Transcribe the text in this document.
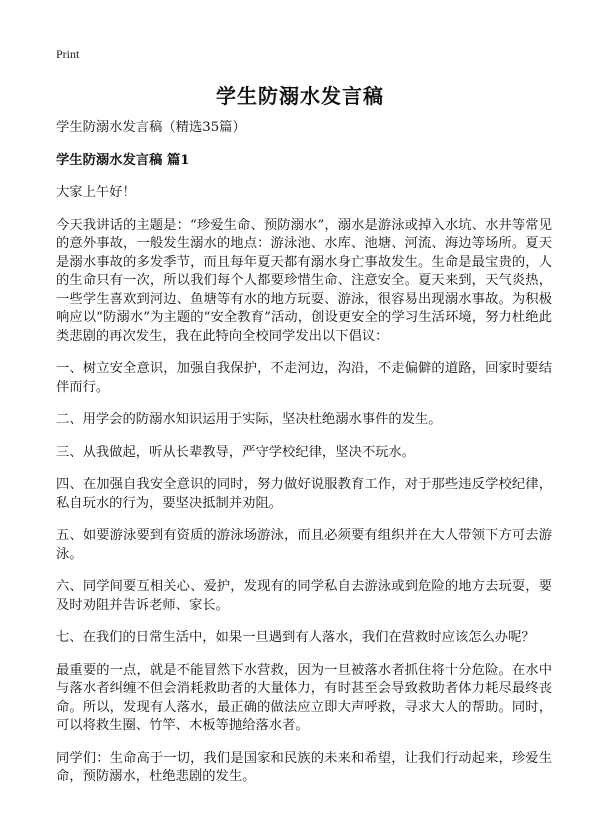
Print
学生防溺水发言稿

学生防溺水发言稿（精选35篇）

学生防溺水发言稿 篇1

大家上午好！

今天我讲话的主题是：“珍爱生命、预防溺水”，溺水是游泳或掉入水坑、水井等常见的意外事故，一般发生溺水的地点：游泳池、水库、池塘、河流、海边等场所。夏天是溺水事故的多发季节，而且每年夏天都有溺水身亡事故发生。生命是最宝贵的，人的生命只有一次，所以我们每个人都要珍惜生命、注意安全。夏天来到，天气炎热，一些学生喜欢到河边、鱼塘等有水的地方玩耍、游泳，很容易出现溺水事故。为积极响应以“防溺水”为主题的“安全教育”活动，创设更安全的学习生活环境，努力杜绝此类悲剧的再次发生，我在此特向全校同学发出以下倡议：

一、树立安全意识，加强自我保护，不走河边，沟沿，不走偏僻的道路，回家时要结伴而行。

二、用学会的防溺水知识运用于实际，坚决杜绝溺水事件的发生。

三、从我做起，听从长辈教导，严守学校纪律，坚决不玩水。

四、在加强自我安全意识的同时，努力做好说服教育工作，对于那些违反学校纪律，私自玩水的行为，要坚决抵制并劝阻。

五、如要游泳要到有资质的游泳场游泳，而且必须要有组织并在大人带领下方可去游泳。

六、同学间要互相关心、爱护，发现有的同学私自去游泳或到危险的地方去玩耍，要及时劝阻并告诉老师、家长。

七、在我们的日常生活中，如果一旦遇到有人落水，我们在营救时应该怎么办呢？

最重要的一点，就是不能冒然下水营救，因为一旦被落水者抓住将十分危险。在水中与落水者纠缠不但会消耗救助者的大量体力，有时甚至会导致救助者体力耗尽最终丧命。所以，发现有人落水，最正确的做法应立即大声呼救，寻求大人的帮助。同时，可以将救生圈、竹竿、木板等抛给落水者。

同学们：生命高于一切，我们是国家和民族的未来和希望，让我们行动起来，珍爱生命，预防溺水，杜绝悲剧的发生。
